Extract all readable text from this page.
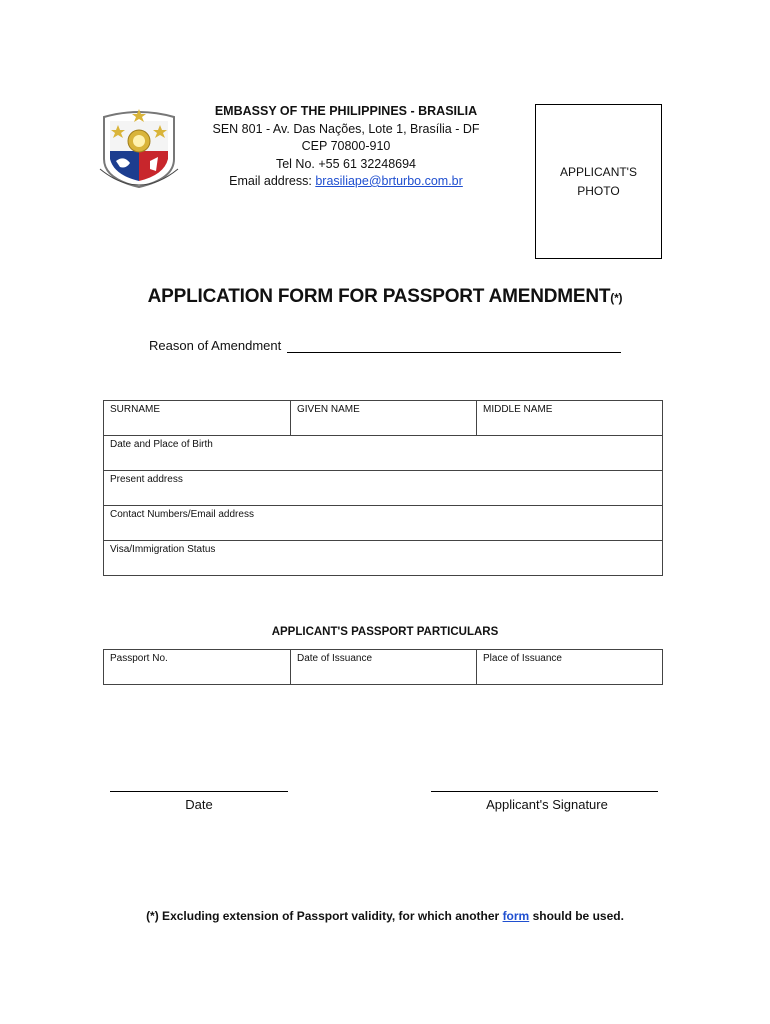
EMBASSY OF THE PHILIPPINES - BRASILIA
SEN 801 - Av. Das Nações, Lote 1, Brasília - DF
CEP 70800-910
Tel No. +55 61 32248694
Email address: brasiliape@brturbo.com.br
APPLICANT'S
PHOTO
APPLICATION FORM FOR PASSPORT AMENDMENT(*)
Reason of Amendment
SURNAME	GIVEN NAME	MIDDLE NAME
Date and Place of Birth
Present address
Contact Numbers/Email address
Visa/Immigration Status
APPLICANT'S PASSPORT PARTICULARS
Passport No.	Date of Issuance	Place of Issuance
Date	Applicant's Signature
(*) Excluding extension of Passport validity, for which another form should be used.
